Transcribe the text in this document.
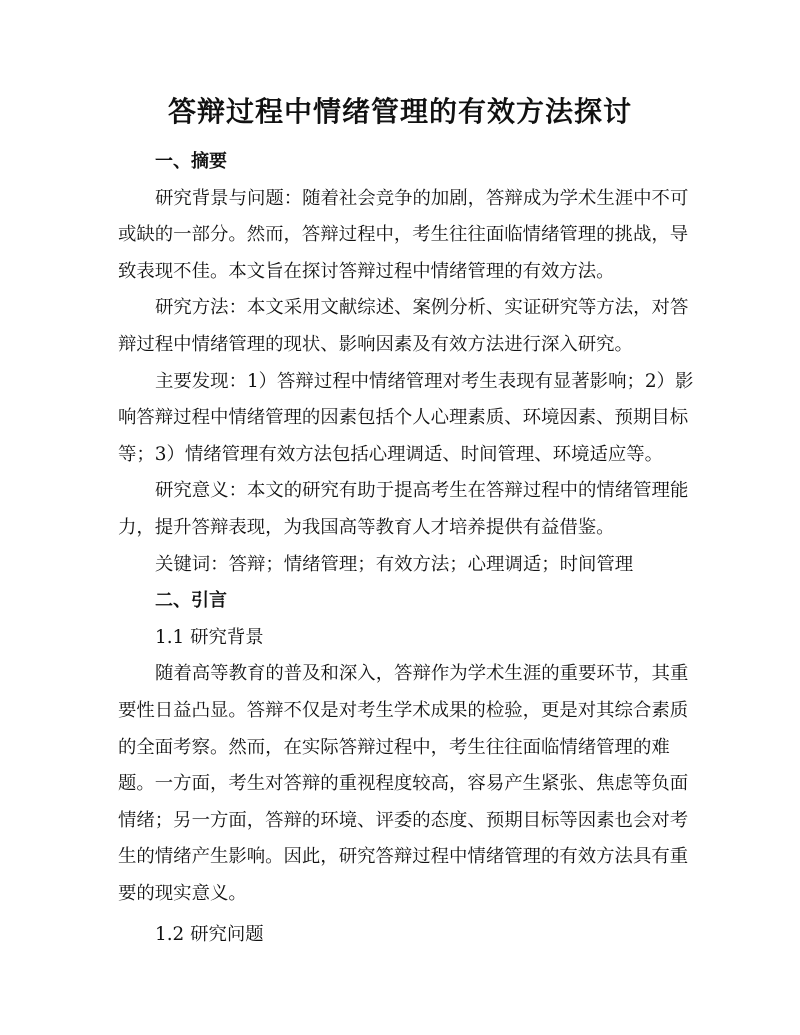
答辩过程中情绪管理的有效方法探讨

一、摘要

研究背景与问题：随着社会竞争的加剧，答辩成为学术生涯中不可或缺的一部分。然而，答辩过程中，考生往往面临情绪管理的挑战，导致表现不佳。本文旨在探讨答辩过程中情绪管理的有效方法。

研究方法：本文采用文献综述、案例分析、实证研究等方法，对答辩过程中情绪管理的现状、影响因素及有效方法进行深入研究。

主要发现：1）答辩过程中情绪管理对考生表现有显著影响；2）影响答辩过程中情绪管理的因素包括个人心理素质、环境因素、预期目标等；3）情绪管理有效方法包括心理调适、时间管理、环境适应等。

研究意义：本文的研究有助于提高考生在答辩过程中的情绪管理能力，提升答辩表现，为我国高等教育人才培养提供有益借鉴。

关键词：答辩；情绪管理；有效方法；心理调适；时间管理

二、引言

1.1 研究背景

随着高等教育的普及和深入，答辩作为学术生涯的重要环节，其重要性日益凸显。答辩不仅是对考生学术成果的检验，更是对其综合素质的全面考察。然而，在实际答辩过程中，考生往往面临情绪管理的难题。一方面，考生对答辩的重视程度较高，容易产生紧张、焦虑等负面情绪；另一方面，答辩的环境、评委的态度、预期目标等因素也会对考生的情绪产生影响。因此，研究答辩过程中情绪管理的有效方法具有重要的现实意义。

1.2 研究问题
